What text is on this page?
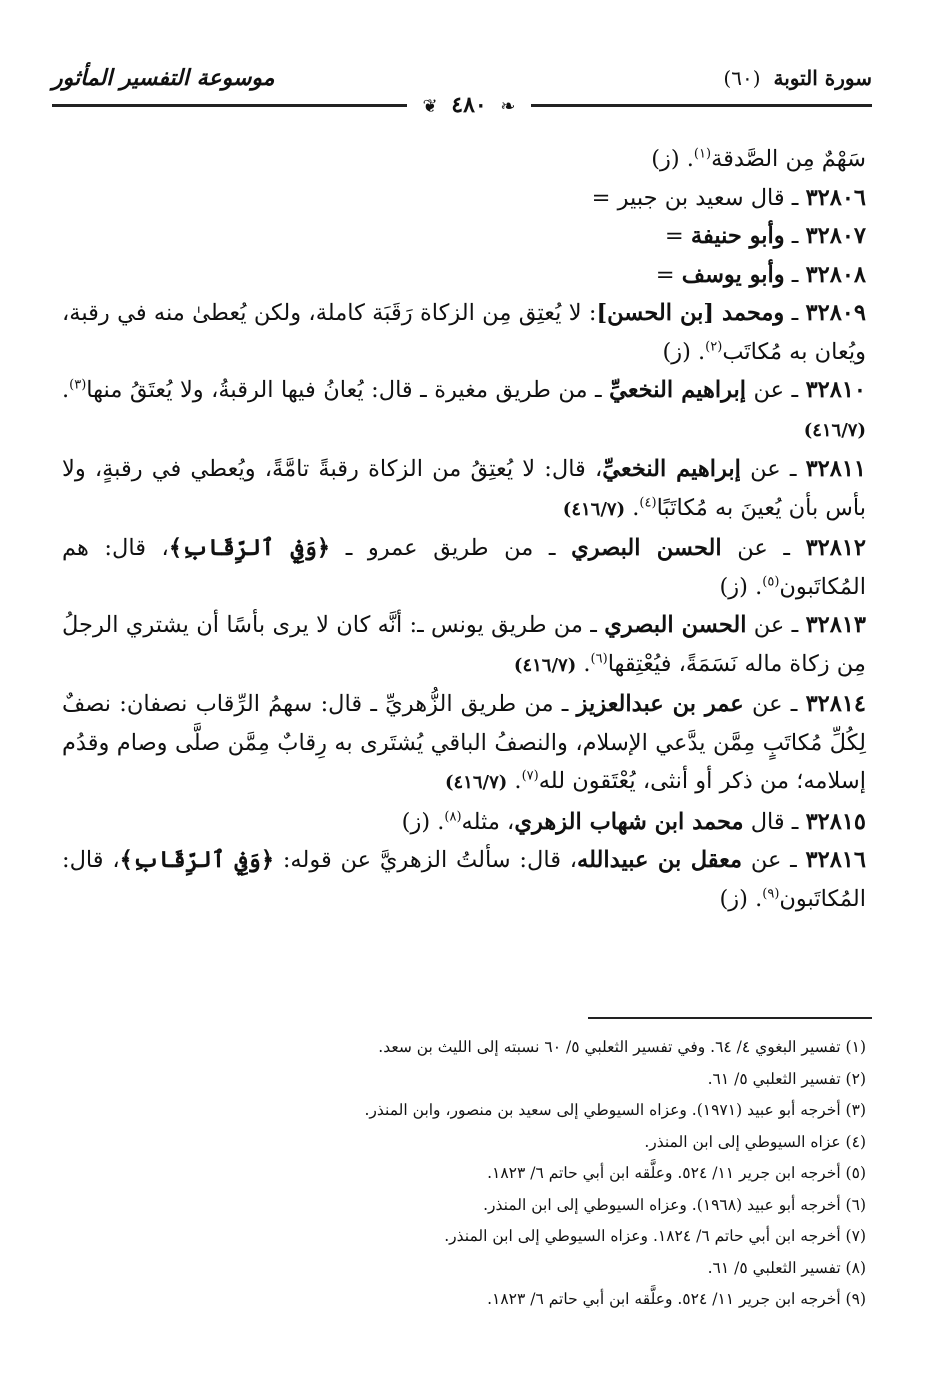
موسوعة التفسير المأثور	سورة التوبة (٦٠)
❧ ٤٨٠ ❦

سَهْمٌ مِن الصَّدقة$^{(١)}$. (ز)

٣٢٨٠٦ ـ قال سعيد بن جبير =

٣٢٨٠٧ ـ وأبو حنيفة =

٣٢٨٠٨ ـ وأبو يوسف =

٣٢٨٠٩ ـ ومحمد [بن الحسن]: لا يُعتِق مِن الزكاة رَقَبَة كاملة، ولكن يُعطىٰ منه في رقبة، ويُعان به مُكاتَب$^{(٢)}$. (ز)

٣٢٨١٠ ـ عن إبراهيم النخعيِّ ـ من طريق مغيرة ـ قال: يُعانُ فيها الرقبةُ، ولا يُعتَقُ منها$^{(٣)}$. (٤١٦/٧)

٣٢٨١١ ـ عن إبراهيم النخعيِّ، قال: لا يُعتِقُ من الزكاة رقبةً تامَّةً، ويُعطي في رقبةٍ، ولا بأس بأن يُعينَ به مُكاتَبًا$^{(٤)}$. (٤١٦/٧)

٣٢٨١٢ ـ عن الحسن البصري ـ من طريق عمرو ـ ﴿وَفِي ٱلرِّقَابِ﴾، قال: هم المُكاتَبون$^{(٥)}$. (ز)

٣٢٨١٣ ـ عن الحسن البصري ـ من طريق يونس ـ: أنَّه كان لا يرى بأسًا أن يشتري الرجلُ مِن زكاة ماله نَسَمَةً، فيُعْتِقها$^{(٦)}$. (٤١٦/٧)

٣٢٨١٤ ـ عن عمر بن عبدالعزيز ـ من طريق الزُّهريِّ ـ قال: سهمُ الرِّقاب نصفان: نصفٌ لِكُلِّ مُكاتَبٍ مِمَّن يدَّعي الإسلام، والنصفُ الباقي يُشتَرى به رِقابٌ مِمَّن صلَّى وصام وقدُم إسلامه؛ من ذكر أو أنثى، يُعْتَقون لله$^{(٧)}$. (٤١٦/٧)

٣٢٨١٥ ـ قال محمد ابن شهاب الزهري، مثله$^{(٨)}$. (ز)

٣٢٨١٦ ـ عن معقل بن عبيدالله، قال: سألتُ الزهريَّ عن قوله: ﴿وَفِي ٱلرِّقَابِ﴾، قال: المُكاتَبون$^{(٩)}$. (ز)

(١) تفسير البغوي ٤/ ٦٤. وفي تفسير الثعلبي ٥/ ٦٠ نسبته إلى الليث بن سعد.

(٢) تفسير الثعلبي ٥/ ٦١.

(٣) أخرجه أبو عبيد (١٩٧١). وعزاه السيوطي إلى سعيد بن منصور، وابن المنذر.

(٤) عزاه السيوطي إلى ابن المنذر.

(٥) أخرجه ابن جرير ١١/ ٥٢٤. وعلَّقه ابن أبي حاتم ٦/ ١٨٢٣.

(٦) أخرجه أبو عبيد (١٩٦٨). وعزاه السيوطي إلى ابن المنذر.

(٧) أخرجه ابن أبي حاتم ٦/ ١٨٢٤. وعزاه السيوطي إلى ابن المنذر.

(٨) تفسير الثعلبي ٥/ ٦١.

(٩) أخرجه ابن جرير ١١/ ٥٢٤. وعلَّقه ابن أبي حاتم ٦/ ١٨٢٣.
